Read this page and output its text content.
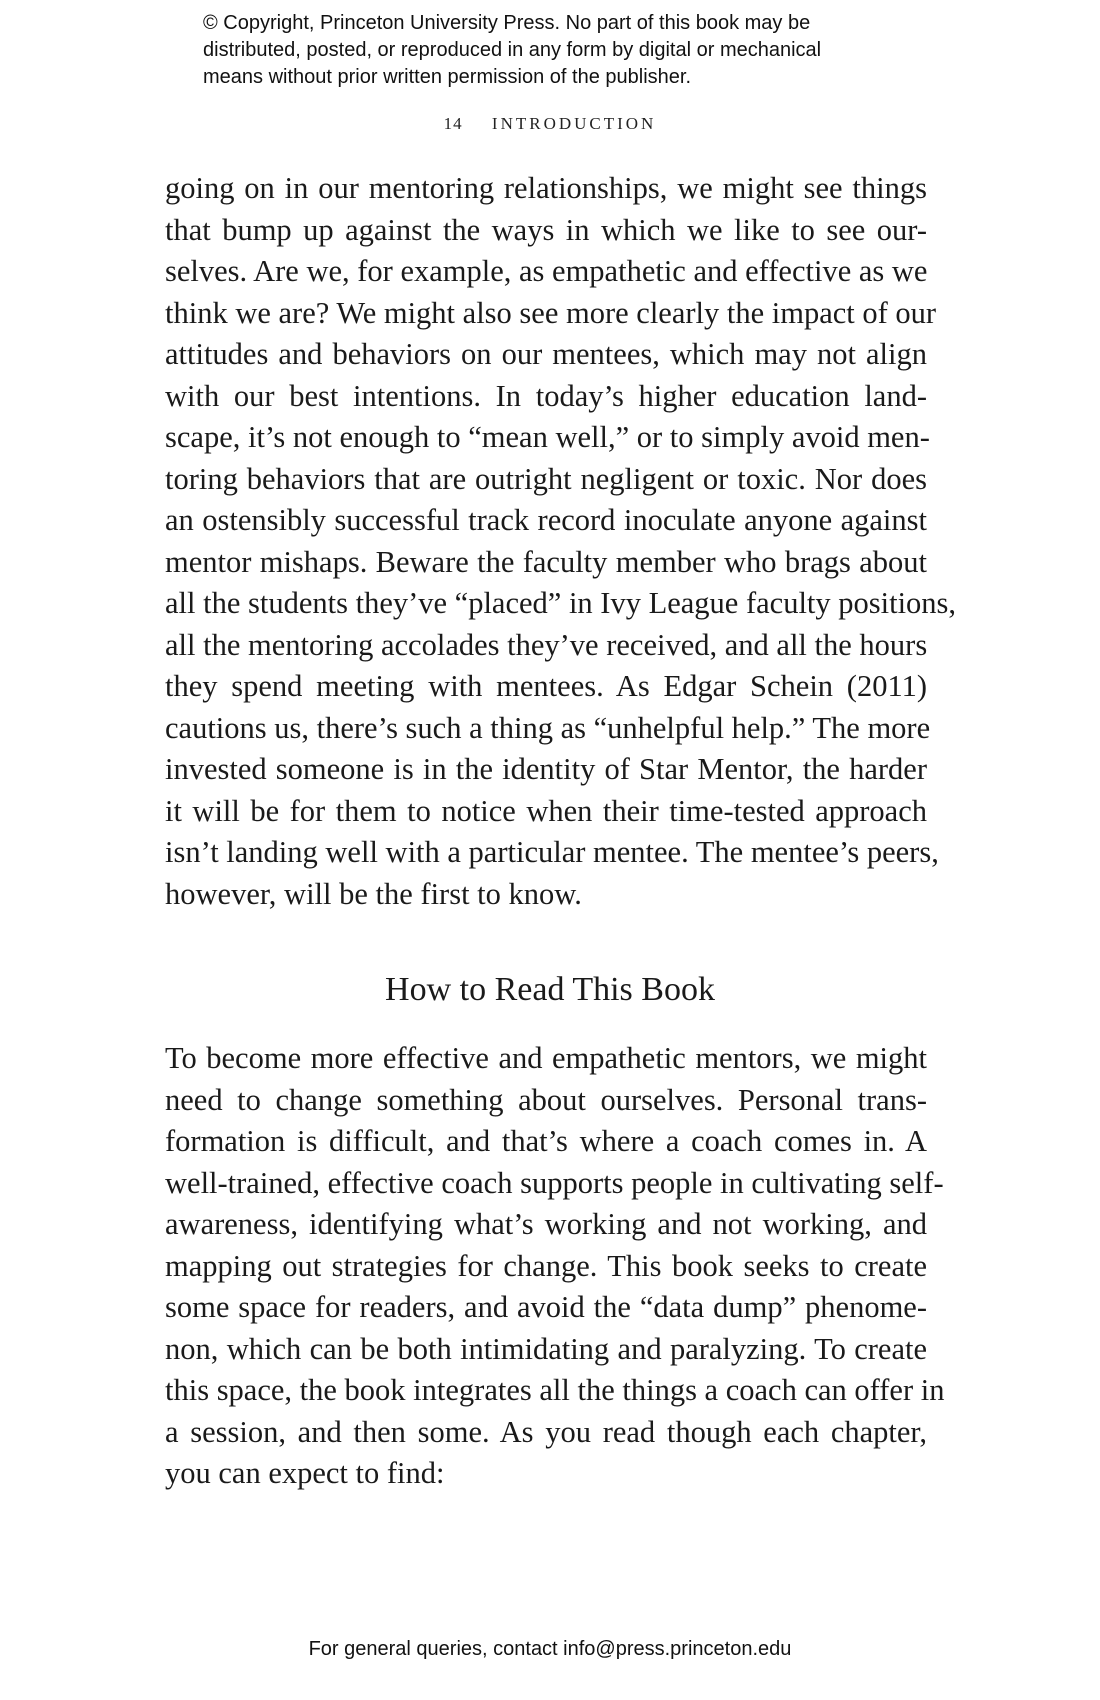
© Copyright, Princeton University Press. No part of this book may be
distributed, posted, or reproduced in any form by digital or mechanical
means without prior written permission of the publisher.
14 INTRODUCTION
going on in our mentoring relationships, we might see things
that bump up against the ways in which we like to see our-
selves. Are we, for example, as empathetic and effective as we
think we are? We might also see more clearly the impact of our
attitudes and behaviors on our mentees, which may not align
with our best intentions. In today’s higher education land-
scape, it’s not enough to “mean well,” or to simply avoid men-
toring behaviors that are outright negligent or toxic. Nor does
an ostensibly successful track record inoculate anyone against
mentor mishaps. Beware the faculty member who brags about
all the students they’ve “placed” in Ivy League faculty positions,
all the mentoring accolades they’ve received, and all the hours
they spend meeting with mentees. As Edgar Schein (2011)
cautions us, there’s such a thing as “unhelpful help.” The more
invested someone is in the identity of Star Mentor, the harder
it will be for them to notice when their time-tested approach
isn’t landing well with a particular mentee. The mentee’s peers,
however, will be the first to know.
How to Read This Book
To become more effective and empathetic mentors, we might
need to change something about ourselves. Personal trans-
formation is difficult, and that’s where a coach comes in. A
well-trained, effective coach supports people in cultivating self-
awareness, identifying what’s working and not working, and
mapping out strategies for change. This book seeks to create
some space for readers, and avoid the “data dump” phenome-
non, which can be both intimidating and paralyzing. To create
this space, the book integrates all the things a coach can offer in
a session, and then some. As you read though each chapter,
you can expect to find:
For general queries, contact info@press.princeton.edu
